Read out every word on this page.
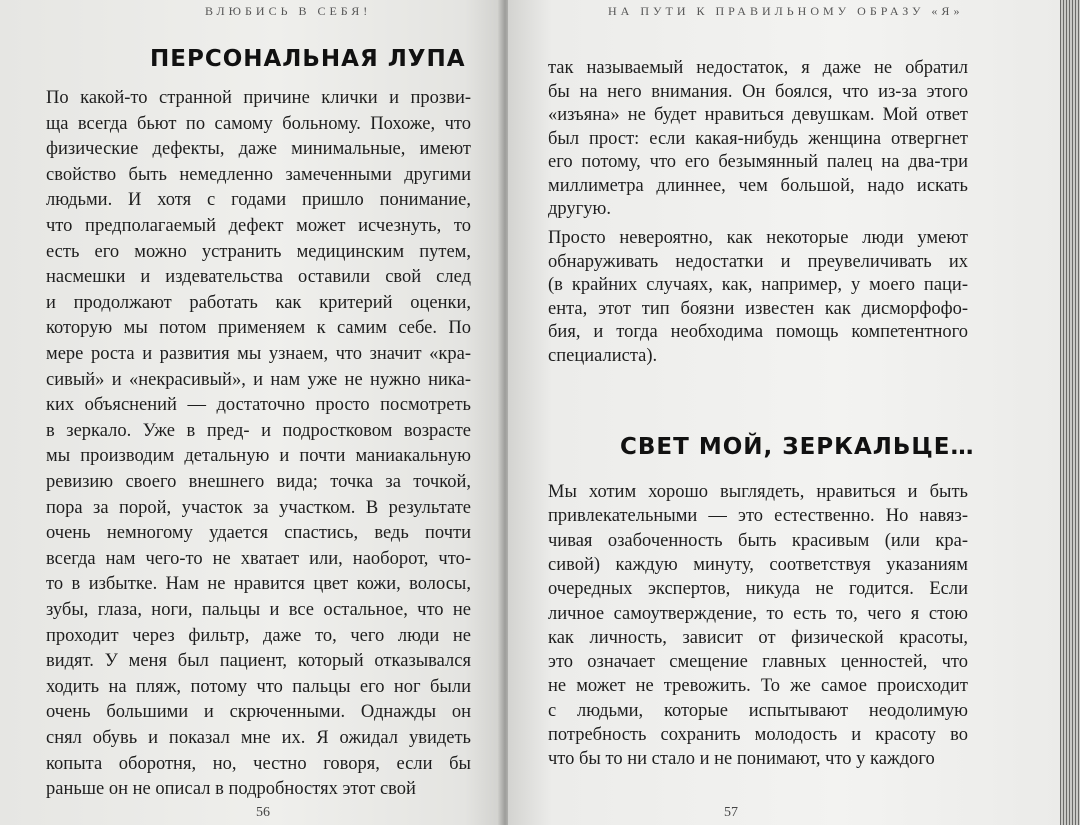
ВЛЮБИСЬ В СЕБЯ!
ПЕРСОНАЛЬНАЯ ЛУПА
По какой-то странной причине клички и прозви-
ща всегда бьют по самому больному. Похоже, что
физические дефекты, даже минимальные, имеют
свойство быть немедленно замеченными другими
людьми. И хотя с годами пришло понимание,
что предполагаемый дефект может исчезнуть, то
есть его можно устранить медицинским путем,
насмешки и издевательства оставили свой след
и продолжают работать как критерий оценки,
которую мы потом применяем к самим себе. По
мере роста и развития мы узнаем, что значит «кра-
сивый» и «некрасивый», и нам уже не нужно ника-
ких объяснений — достаточно просто посмотреть
в зеркало. Уже в пред- и подростковом возрасте
мы производим детальную и почти маниакальную
ревизию своего внешнего вида; точка за точкой,
пора за порой, участок за участком. В результате
очень немногому удается спастись, ведь почти
всегда нам чего-то не хватает или, наоборот, что-
то в избытке. Нам не нравится цвет кожи, волосы,
зубы, глаза, ноги, пальцы и все остальное, что не
проходит через фильтр, даже то, чего люди не
видят. У меня был пациент, который отказывался
ходить на пляж, потому что пальцы его ног были
очень большими и скрюченными. Однажды он
снял обувь и показал мне их. Я ожидал увидеть
копыта оборотня, но, честно говоря, если бы
раньше он не описал в подробностях этот свой
56
НА ПУТИ К ПРАВИЛЬНОМУ ОБРАЗУ «Я»
так называемый недостаток, я даже не обратил
бы на него внимания. Он боялся, что из-за этого
«изъяна» не будет нравиться девушкам. Мой ответ
был прост: если какая-нибудь женщина отвергнет
его потому, что его безымянный палец на два-три
миллиметра длиннее, чем большой, надо искать
другую.
Просто невероятно, как некоторые люди умеют
обнаруживать недостатки и преувеличивать их
(в крайних случаях, как, например, у моего паци-
ента, этот тип боязни известен как дисморфофо-
бия, и тогда необходима помощь компетентного
специалиста).
СВЕТ МОЙ, ЗЕРКАЛЬЦЕ…
Мы хотим хорошо выглядеть, нравиться и быть
привлекательными — это естественно. Но навяз-
чивая озабоченность быть красивым (или кра-
сивой) каждую минуту, соответствуя указаниям
очередных экспертов, никуда не годится. Если
личное самоутверждение, то есть то, чего я стою
как личность, зависит от физической красоты,
это означает смещение главных ценностей, что
не может не тревожить. То же самое происходит
с людьми, которые испытывают неодолимую
потребность сохранить молодость и красоту во
что бы то ни стало и не понимают, что у каждого
57
